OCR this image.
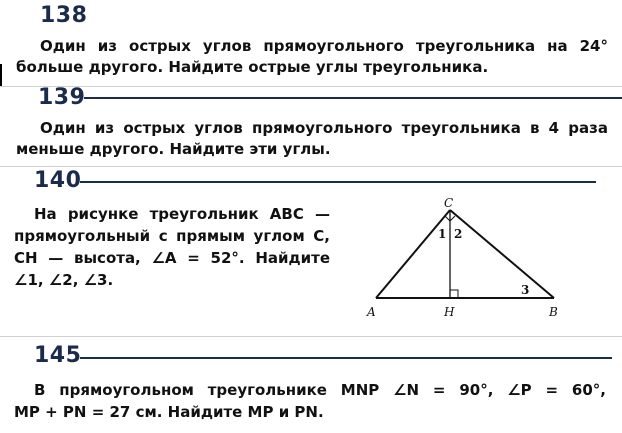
138
Один из острых углов прямоугольного треугольника на 24°
больше другого. Найдите острые углы треугольника.
139
Один из острых углов прямоугольного треугольника в 4 раза
меньше другого. Найдите эти углы.
140
На рисунке треугольник ABC —
прямоугольный с прямым углом C,
CH — высота, ∠A = 52°. Найдите
∠1, ∠2, ∠3.
C
A	H	B
1 2
3
145
В прямоугольном треугольнике MNP ∠N = 90°, ∠P = 60°,
MP + PN = 27 см. Найдите MP и PN.
